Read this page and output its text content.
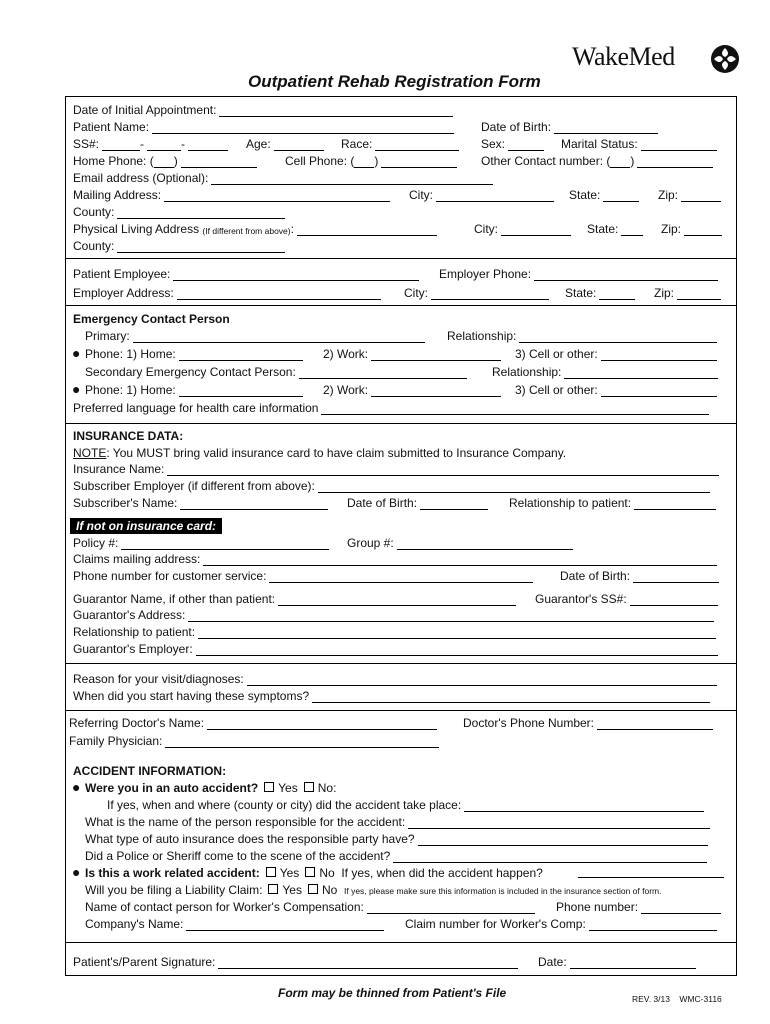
Outpatient Rehab Registration Form
WakeMed
Date of Initial Appointment:
Patient Name:	Date of Birth:
SS#:	-	-	Age:	Race:	Sex:	Marital Status:
Home Phone: ( )	Cell Phone: ( )	Other Contact number: ( )
Email address (Optional):
Mailing Address:	City:	State:	Zip:
County:
Physical Living Address
(If different from above) :	City:	State:	Zip:
County:
Patient Employee:	Employer Phone:
Employer Address:	City:	State:	Zip:
Emergency Contact Person
Primary:	Relationship:
● Phone: 1) Home:	2) Work:	3) Cell or other:
Secondary Emergency Contact Person:	Relationship:
● Phone: 1) Home:	2) Work:	3) Cell or other:
Preferred language for health care information
INSURANCE DATA:
NOTE: You MUST bring valid insurance card to have claim submitted to Insurance Company.
Insurance Name:
Subscriber Employer (if different from above):
Subscriber's Name:	Date of Birth:	Relationship to patient:
If not on insurance card:
Policy #:	Group #:
Claims mailing address:
Phone number for customer service:	Date of Birth:
Guarantor Name, if other than patient:	Guarantor's SS#:
Guarantor's Address:
Relationship to patient:
Guarantor's Employer:
Reason for your visit/diagnoses:
When did you start having these symptoms?
Referring Doctor's Name:	Doctor's Phone Number:
Family Physician:
ACCIDENT INFORMATION:
● Were you in an auto accident? Yes No:
If yes, when and where (county or city) did the accident take place:
What is the name of the person responsible for the accident:
What type of auto insurance does the responsible party have?
Did a Police or Sheriff come to the scene of the accident?
● Is this a work related accident: Yes No If yes, when did the accident happen?
Will you be filing a Liability Claim: Yes No If yes, please make sure this information is included in the insurance section of form.
Name of contact person for Worker's Compensation:	Phone number:
Company's Name:	Claim number for Worker's Comp:
Patient's/Parent Signature:	Date:
Form may be thinned from Patient's File	REV. 3/13 WMC-3116
